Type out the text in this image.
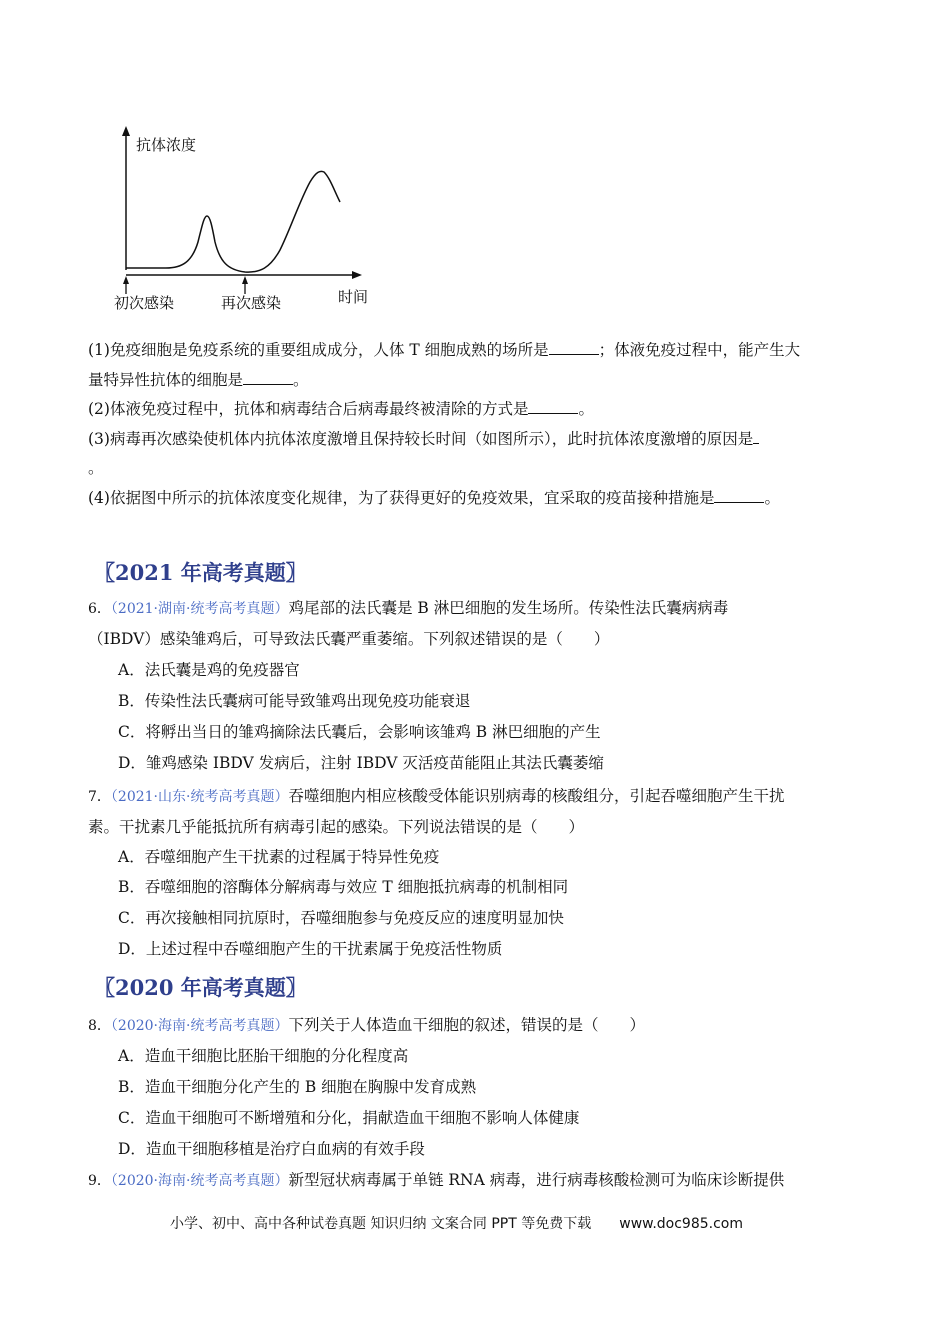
抗体浓度
时间
初次感染	再次感染
(1)免疫细胞是免疫系统的重要组成成分，人体 T 细胞成熟的场所是	；体液免疫过程中，能产生大
量特异性抗体的细胞是	。
(2)体液免疫过程中，抗体和病毒结合后病毒最终被清除的方式是	。
(3)病毒再次感染使机体内抗体浓度激增且保持较长时间（如图所示），此时抗体浓度激增的原因是
。
(4)依据图中所示的抗体浓度变化规律，为了获得更好的免疫效果，宜采取的疫苗接种措施是	。
〖2021 年高考真题〗
6．（2021·湖南·统考高考真题）鸡尾部的法氏囊是 B 淋巴细胞的发生场所。传染性法氏囊病病毒
（IBDV）感染雏鸡后，可导致法氏囊严重萎缩。下列叙述错误的是（　　）
A．法氏囊是鸡的免疫器官
B．传染性法氏囊病可能导致雏鸡出现免疫功能衰退
C．将孵出当日的雏鸡摘除法氏囊后，会影响该雏鸡 B 淋巴细胞的产生
D．雏鸡感染 IBDV 发病后，注射 IBDV 灭活疫苗能阻止其法氏囊萎缩
7．（2021·山东·统考高考真题）吞噬细胞内相应核酸受体能识别病毒的核酸组分，引起吞噬细胞产生干扰
素。干扰素几乎能抵抗所有病毒引起的感染。下列说法错误的是（　　）
A．吞噬细胞产生干扰素的过程属于特异性免疫
B．吞噬细胞的溶酶体分解病毒与效应 T 细胞抵抗病毒的机制相同
C．再次接触相同抗原时，吞噬细胞参与免疫反应的速度明显加快
D．上述过程中吞噬细胞产生的干扰素属于免疫活性物质
〖2020 年高考真题〗
8．（2020·海南·统考高考真题）下列关于人体造血干细胞的叙述，错误的是（　　）
A．造血干细胞比胚胎干细胞的分化程度高
B．造血干细胞分化产生的 B 细胞在胸腺中发育成熟
C．造血干细胞可不断增殖和分化，捐献造血干细胞不影响人体健康
D．造血干细胞移植是治疗白血病的有效手段
9．（2020·海南·统考高考真题）新型冠状病毒属于单链 RNA 病毒，进行病毒核酸检测可为临床诊断提供
小学、初中、高中各种试卷真题 知识归纳 文案合同 PPT 等免费下载 www.doc985.com
